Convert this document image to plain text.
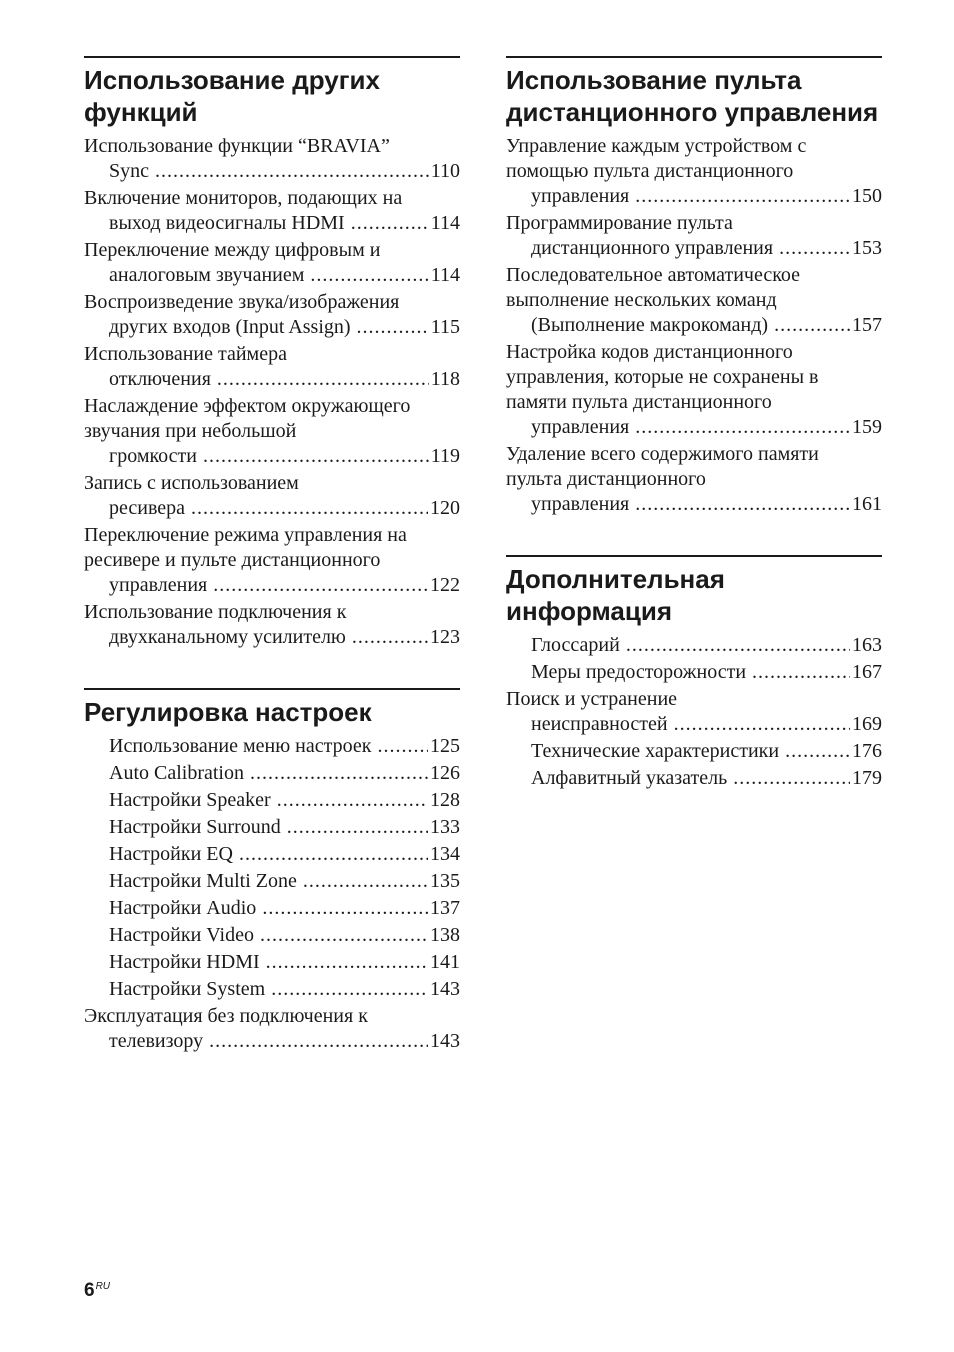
Использование других функций
Использование функции “BRAVIA”
Sync .....	110
Включение мониторов, подающих на
выход видеосигналы HDMI .....	114
Переключение между цифровым и
аналоговым звучанием .....	114
Воспроизведение звука/изображения
других входов (Input Assign) .....	115
Использование таймера
отключения .....	118
Наслаждение эффектом окружающего
звучания при небольшой
громкости .....	119
Запись с использованием
ресивера .....	120
Переключение режима управления на
ресивере и пульте дистанционного
управления .....	122
Использование подключения к
двухканальному усилителю .....	123
Регулировка настроек
Использование меню настроек .....	125
Auto Calibration .....	126
Настройки Speaker .....	128
Настройки Surround .....	133
Настройки EQ .....	134
Настройки Multi Zone .....	135
Настройки Audio .....	137
Настройки Video .....	138
Настройки HDMI .....	141
Настройки System .....	143
Эксплуатация без подключения к
телевизору .....	143
Использование пульта дистанционного управления
Управление каждым устройством с
помощью пульта дистанционного
управления .....	150
Программирование пульта
дистанционного управления .....	153
Последовательное автоматическое
выполнение нескольких команд
(Выполнение макрокоманд) .....	157
Настройка кодов дистанционного
управления, которые не сохранены в
памяти пульта дистанционного
управления .....	159
Удаление всего содержимого памяти
пульта дистанционного
управления .....	161
Дополнительная информация
Глоссарий .....	163
Меры предосторожности .....	167
Поиск и устранение
неисправностей .....	169
Технические характеристики .....	176
Алфавитный указатель .....	179
$6^{RU}$
